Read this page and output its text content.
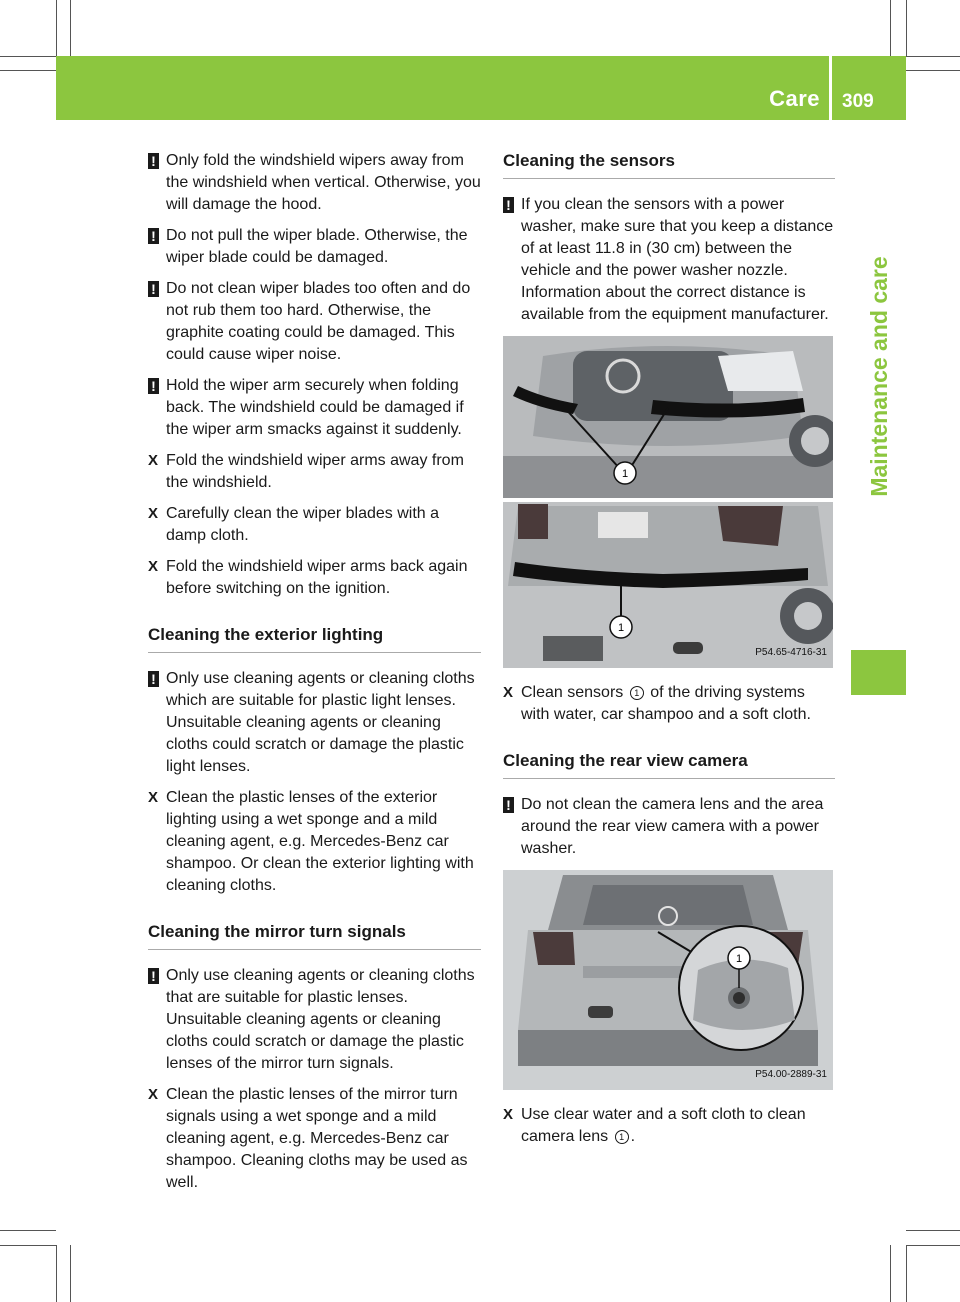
Care 309
Maintenance and care
! Only fold the windshield wipers away from the windshield when vertical. Otherwise, you will damage the hood.
! Do not pull the wiper blade. Otherwise, the wiper blade could be damaged.
! Do not clean wiper blades too often and do not rub them too hard. Otherwise, the graphite coating could be damaged. This could cause wiper noise.
! Hold the wiper arm securely when folding back. The windshield could be damaged if the wiper arm smacks against it suddenly.
X Fold the windshield wiper arms away from the windshield.
X Carefully clean the wiper blades with a damp cloth.
X Fold the windshield wiper arms back again before switching on the ignition.
Cleaning the exterior lighting
! Only use cleaning agents or cleaning cloths which are suitable for plastic light lenses. Unsuitable cleaning agents or cleaning cloths could scratch or damage the plastic light lenses.
X Clean the plastic lenses of the exterior lighting using a wet sponge and a mild cleaning agent, e.g. Mercedes-Benz car shampoo. Or clean the exterior lighting with cleaning cloths.
Cleaning the mirror turn signals
! Only use cleaning agents or cleaning cloths that are suitable for plastic lenses. Unsuitable cleaning agents or cleaning cloths could scratch or damage the plastic lenses of the mirror turn signals.
X Clean the plastic lenses of the mirror turn signals using a wet sponge and a mild cleaning agent, e.g. Mercedes-Benz car shampoo. Cleaning cloths may be used as well.
Cleaning the sensors
! If you clean the sensors with a power washer, make sure that you keep a distance of at least 11.8 in (30 cm) between the vehicle and the power washer nozzle. Information about the correct distance is available from the equipment manufacturer.
1
1
P54.65-4716-31
X Clean sensors 1 of the driving systems with water, car shampoo and a soft cloth.
Cleaning the rear view camera
! Do not clean the camera lens and the area around the rear view camera with a power washer.
1
P54.00-2889-31
X Use clear water and a soft cloth to clean camera lens 1 .
